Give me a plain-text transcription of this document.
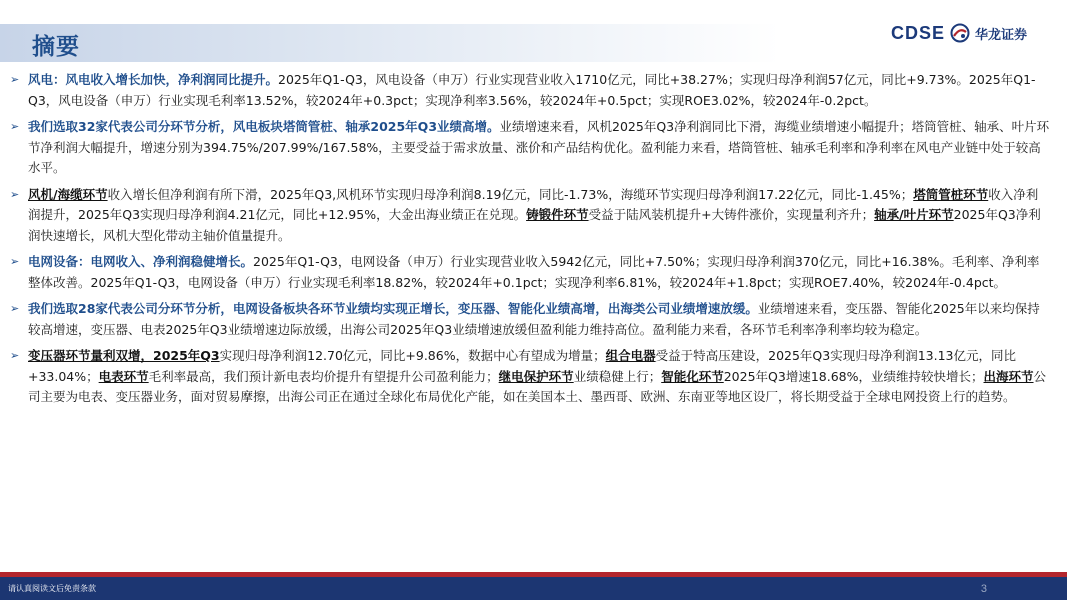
摘要
CDSE 华龙证券
➢ 风电：风电收入增长加快，净利润同比提升。2025年Q1-Q3，风电设备（申万）行业实现营业收入1710亿元，同比+38.27%；实现归母净利润57亿元，同比+9.73%。2025年Q1-Q3，风电设备（申万）行业实现毛利率13.52%，较2024年+0.3pct；实现净利率3.56%，较2024年+0.5pct；实现ROE3.02%，较2024年-0.2pct。
➢ 我们选取32家代表公司分环节分析，风电板块塔筒管桩、轴承2025年Q3业绩高增。业绩增速来看，风机2025年Q3净利润同比下滑，海缆业绩增速小幅提升；塔筒管桩、轴承、叶片环节净利润大幅提升，增速分别为394.75%/207.99%/167.58%，主要受益于需求放量、涨价和产品结构优化。盈利能力来看，塔筒管桩、轴承毛利率和净利率在风电产业链中处于较高水平。
➢ 风机/海缆环节收入增长但净利润有所下滑，2025年Q3,风机环节实现归母净利润8.19亿元，同比-1.73%，海缆环节实现归母净利润17.22亿元，同比-1.45%；塔筒管桩环节收入净利润提升，2025年Q3实现归母净利润4.21亿元，同比+12.95%，大金出海业绩正在兑现。铸锻件环节受益于陆风装机提升+大铸件涨价，实现量利齐升；轴承/叶片环节2025年Q3净利润快速增长，风机大型化带动主轴价值量提升。
➢ 电网设备：电网收入、净利润稳健增长。2025年Q1-Q3，电网设备（申万）行业实现营业收入5942亿元，同比+7.50%；实现归母净利润370亿元，同比+16.38%。毛利率、净利率整体改善。2025年Q1-Q3，电网设备（申万）行业实现毛利率18.82%，较2024年+0.1pct；实现净利率6.81%，较2024年+1.8pct；实现ROE7.40%，较2024年-0.4pct。
➢ 我们选取28家代表公司分环节分析，电网设备板块各环节业绩均实现正增长，变压器、智能化业绩高增，出海类公司业绩增速放缓。业绩增速来看，变压器、智能化2025年以来均保持较高增速，变压器、电表2025年Q3业绩增速边际放缓，出海公司2025年Q3业绩增速放缓但盈利能力维持高位。盈利能力来看，各环节毛利率净利率均较为稳定。
➢ 变压器环节量利双增，2025年Q3实现归母净利润12.70亿元，同比+9.86%，数据中心有望成为增量；组合电器受益于特高压建设，2025年Q3实现归母净利润13.13亿元，同比+33.04%；电表环节毛利率最高，我们预计新电表均价提升有望提升公司盈利能力；继电保护环节业绩稳健上行；智能化环节2025年Q3增速18.68%，业绩维持较快增长；出海环节公司主要为电表、变压器业务，面对贸易摩擦，出海公司正在通过全球化布局优化产能，如在美国本土、墨西哥、欧洲、东南亚等地区设厂，将长期受益于全球电网投资上行的趋势。
请认真阅读文后免责条款	3
